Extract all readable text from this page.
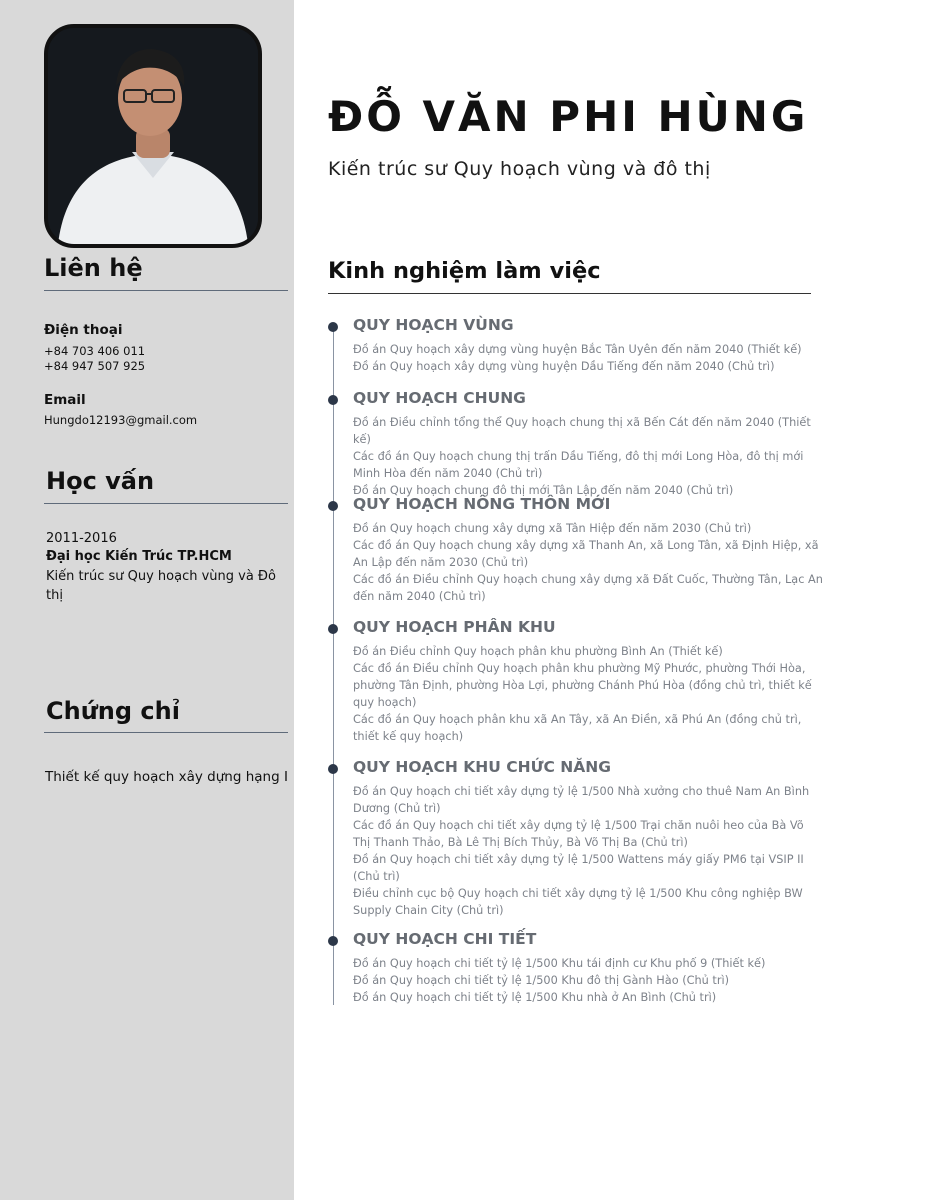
Liên hệ
Điện thoại
+84 703 406 011
+84 947 507 925
Email
Hungdo12193@gmail.com
Học vấn
2011-2016
Đại học Kiến Trúc TP.HCM
Kiến trúc sư Quy hoạch vùng và Đô thị
Chứng chỉ
Thiết kế quy hoạch xây dựng hạng I
ĐỖ VĂN PHI HÙNG
Kiến trúc sư Quy hoạch vùng và đô thị
Kinh nghiệm làm việc
QUY HOẠCH VÙNG

Đồ án Quy hoạch xây dựng vùng huyện Bắc Tân Uyên đến năm 2040 (Thiết kế)

Đồ án Quy hoạch xây dựng vùng huyện Dầu Tiếng đến năm 2040 (Chủ trì)

QUY HOẠCH CHUNG

Đồ án Điều chỉnh tổng thể Quy hoạch chung thị xã Bến Cát đến năm 2040 (Thiết kế)

Các đồ án Quy hoạch chung thị trấn Dầu Tiếng, đô thị mới Long Hòa, đô thị mới Minh Hòa đến năm 2040 (Chủ trì)

Đồ án Quy hoạch chung đô thị mới Tân Lập đến năm 2040 (Chủ trì)

QUY HOẠCH NÔNG THÔN MỚI

Đồ án Quy hoạch chung xây dựng xã Tân Hiệp đến năm 2030 (Chủ trì)

Các đồ án Quy hoạch chung xây dựng xã Thanh An, xã Long Tân, xã Định Hiệp, xã An Lập đến năm 2030 (Chủ trì)

Các đồ án Điều chỉnh Quy hoạch chung xây dựng xã Đất Cuốc, Thường Tân, Lạc An đến năm 2040 (Chủ trì)

QUY HOẠCH PHÂN KHU

Đồ án Điều chỉnh Quy hoạch phân khu phường Bình An (Thiết kế)

Các đồ án Điều chỉnh Quy hoạch phân khu phường Mỹ Phước, phường Thới Hòa, phường Tân Định, phường Hòa Lợi, phường Chánh Phú Hòa (đồng chủ trì, thiết kế quy hoạch)

Các đồ án Quy hoạch phân khu xã An Tây, xã An Điền, xã Phú An (đồng chủ trì, thiết kế quy hoạch)

QUY HOẠCH KHU CHỨC NĂNG

Đồ án Quy hoạch chi tiết xây dựng tỷ lệ 1/500 Nhà xưởng cho thuê Nam An Bình Dương (Chủ trì)

Các đồ án Quy hoạch chi tiết xây dựng tỷ lệ 1/500 Trại chăn nuôi heo của Bà Võ Thị Thanh Thảo, Bà Lê Thị Bích Thủy, Bà Võ Thị Ba (Chủ trì)

Đồ án Quy hoạch chi tiết xây dựng tỷ lệ 1/500 Wattens máy giấy PM6 tại VSIP II (Chủ trì)

Điều chỉnh cục bộ Quy hoạch chi tiết xây dựng tỷ lệ 1/500 Khu công nghiệp BW Supply Chain City (Chủ trì)

QUY HOẠCH CHI TIẾT

Đồ án Quy hoạch chi tiết tỷ lệ 1/500 Khu tái định cư Khu phố 9 (Thiết kế)

Đồ án Quy hoạch chi tiết tỷ lệ 1/500 Khu đô thị Gành Hào (Chủ trì)

Đồ án Quy hoạch chi tiết tỷ lệ 1/500 Khu nhà ở An Bình (Chủ trì)
